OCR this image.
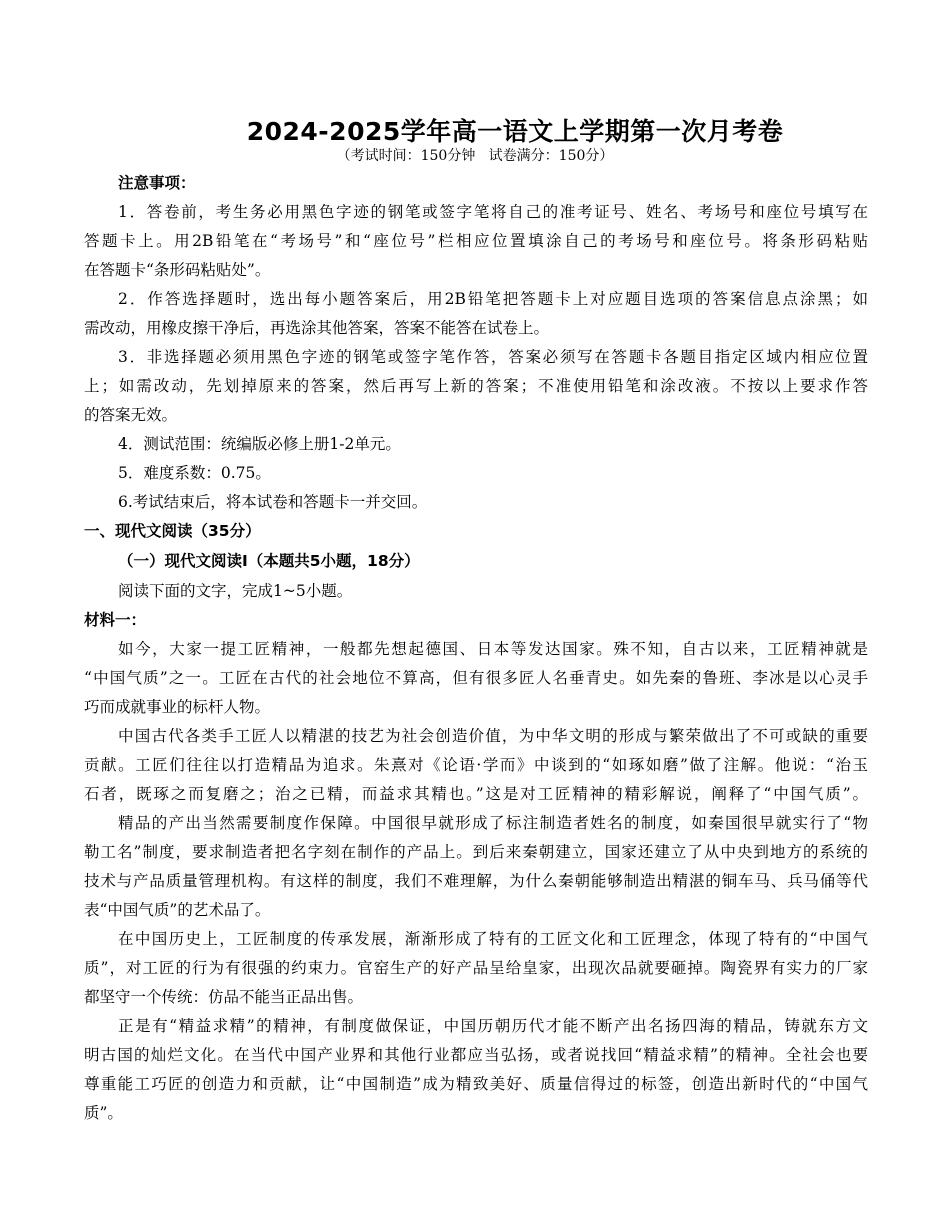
2024-2025学年高一语文上学期第一次月考卷
（考试时间：150分钟   试卷满分：150分）
注意事项：
1．答卷前，考生务必用黑色字迹的钢笔或签字笔将自己的准考证号、姓名、考场号和座位号填写在
答题卡上。用2B铅笔在“考场号”和“座位号”栏相应位置填涂自己的考场号和座位号。将条形码粘贴
在答题卡“条形码粘贴处”。
2．作答选择题时，选出每小题答案后，用2B铅笔把答题卡上对应题目选项的答案信息点涂黑；如
需改动，用橡皮擦干净后，再选涂其他答案，答案不能答在试卷上。
3．非选择题必须用黑色字迹的钢笔或签字笔作答，答案必须写在答题卡各题目指定区域内相应位置
上；如需改动，先划掉原来的答案，然后再写上新的答案；不准使用铅笔和涂改液。不按以上要求作答
的答案无效。
4．测试范围：统编版必修上册1-2单元。
5．难度系数：0.75。
6.考试结束后，将本试卷和答题卡一并交回。
一、现代文阅读（35分）
（一）现代文阅读Ⅰ（本题共5小题，18分）
阅读下面的文字，完成1~5小题。
材料一：
如今，大家一提工匠精神，一般都先想起德国、日本等发达国家。殊不知，自古以来，工匠精神就是
“中国气质”之一。工匠在古代的社会地位不算高，但有很多匠人名垂青史。如先秦的鲁班、李冰是以心灵手
巧而成就事业的标杆人物。
中国古代各类手工匠人以精湛的技艺为社会创造价值，为中华文明的形成与繁荣做出了不可或缺的重要
贡献。工匠们往往以打造精品为追求。朱熹对《论语·学而》中谈到的“如琢如磨”做了注解。他说：“治玉
石者，既琢之而复磨之；治之已精，而益求其精也。”这是对工匠精神的精彩解说，阐释了“中国气质”。
精品的产出当然需要制度作保障。中国很早就形成了标注制造者姓名的制度，如秦国很早就实行了“物
勒工名”制度，要求制造者把名字刻在制作的产品上。到后来秦朝建立，国家还建立了从中央到地方的系统的
技术与产品质量管理机构。有这样的制度，我们不难理解，为什么秦朝能够制造出精湛的铜车马、兵马俑等代
表“中国气质”的艺术品了。
在中国历史上，工匠制度的传承发展，渐渐形成了特有的工匠文化和工匠理念，体现了特有的“中国气
质”，对工匠的行为有很强的约束力。官窑生产的好产品呈给皇家，出现次品就要砸掉。陶瓷界有实力的厂家
都坚守一个传统：仿品不能当正品出售。
正是有“精益求精”的精神，有制度做保证，中国历朝历代才能不断产出名扬四海的精品，铸就东方文
明古国的灿烂文化。在当代中国产业界和其他行业都应当弘扬，或者说找回“精益求精”的精神。全社会也要
尊重能工巧匠的创造力和贡献，让“中国制造”成为精致美好、质量信得过的标签，创造出新时代的“中国气
质”。
